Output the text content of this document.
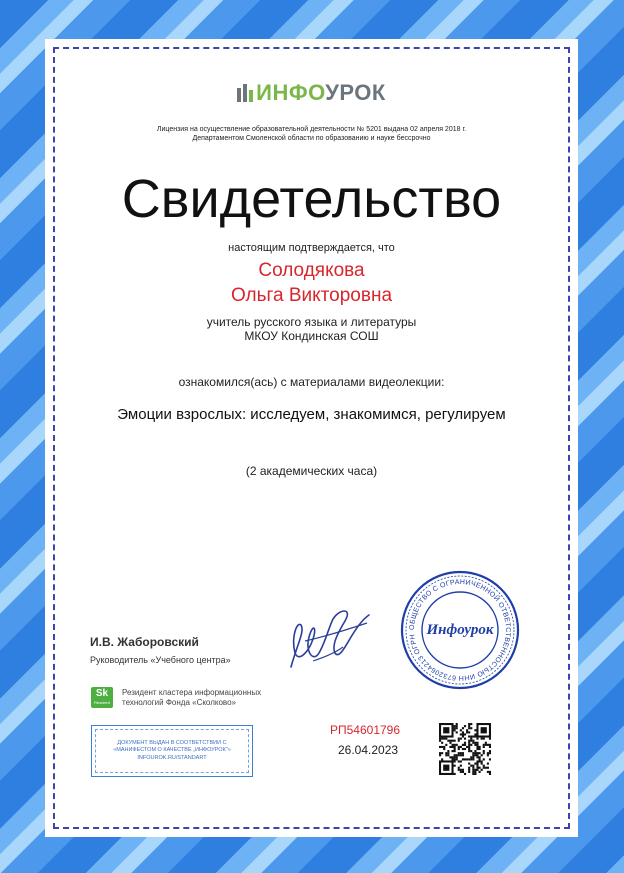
ИНФОУРОК
Лицензия на осуществление образовательной деятельности № 5201 выдана 02 апреля 2018 г.
Департаментом Смоленской области по образованию и науке бессрочно
Свидетельство
настоящим подтверждается, что
Солодякова
Ольга Викторовна
учитель русского языка и литературы
МКОУ Кондинская СОШ
ознакомился(ась) с материалами видеолекции:
Эмоции взрослых: исследуем, знакомимся, регулируем
(2 академических часа)
И.В. Жаборовский
Руководитель «Учебного центра»
Sk
Resident
Резидент кластера информационных
технологий Фонда «Сколково»
ДОКУМЕНТ ВЫДАН В СООТВЕТСТВИИ С
«МАНИФЕСТОМ О КАЧЕСТВЕ „ИНФОУРОК"»
INFOUROK.RU/STANDART
ОБЩЕСТВО С ОГРАНИЧЕННОЙ ОТВЕТСТВЕННОСТЬЮ ИНН 6732064213 ОГРН Инфоурок
РП54601796
26.04.2023
